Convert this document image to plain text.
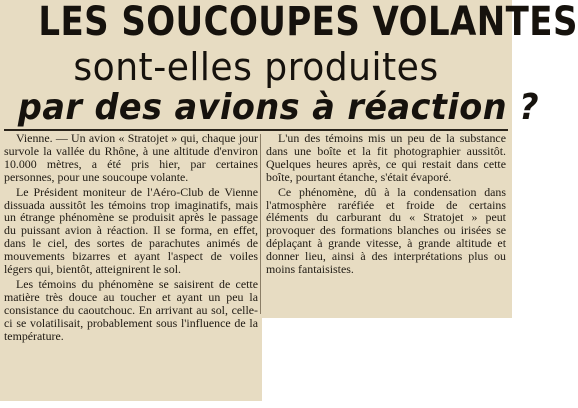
LES SOUCOUPES VOLANTES
sont-elles produites
par des avions à réaction ?

Vienne. — Un avion « Stratojet » qui, chaque jour survole la vallée du Rhône, à une altitude d'environ 10.000 mètres, a été pris hier, par certaines personnes, pour une soucoupe volante.

Le Président moniteur de l'Aéro-Club de Vienne dissuada aussitôt les témoins trop imaginatifs, mais un étrange phénomène se produisit après le passage du puissant avion à réaction. Il se forma, en effet, dans le ciel, des sortes de parachutes animés de mouvements bizarres et ayant l'aspect de voiles légers qui, bientôt, atteignirent le sol.

Les témoins du phénomène se saisirent de cette matière très douce au toucher et ayant un peu la consistance du caoutchouc. En arrivant au sol, celle-ci se volatilisait, probablement sous l'influence de la température.

L'un des témoins mis un peu de la substance dans une boîte et la fit photographier aussitôt. Quelques heures après, ce qui restait dans cette boîte, pourtant étanche, s'était évaporé.

Ce phénomène, dû à la condensation dans l'atmosphère raréfiée et froide de certains éléments du carburant du « Stratojet » peut provoquer des formations blanches ou irisées se déplaçant à grande vitesse, à grande altitude et donner lieu, ainsi à des interprétations plus ou moins fantaisistes.
